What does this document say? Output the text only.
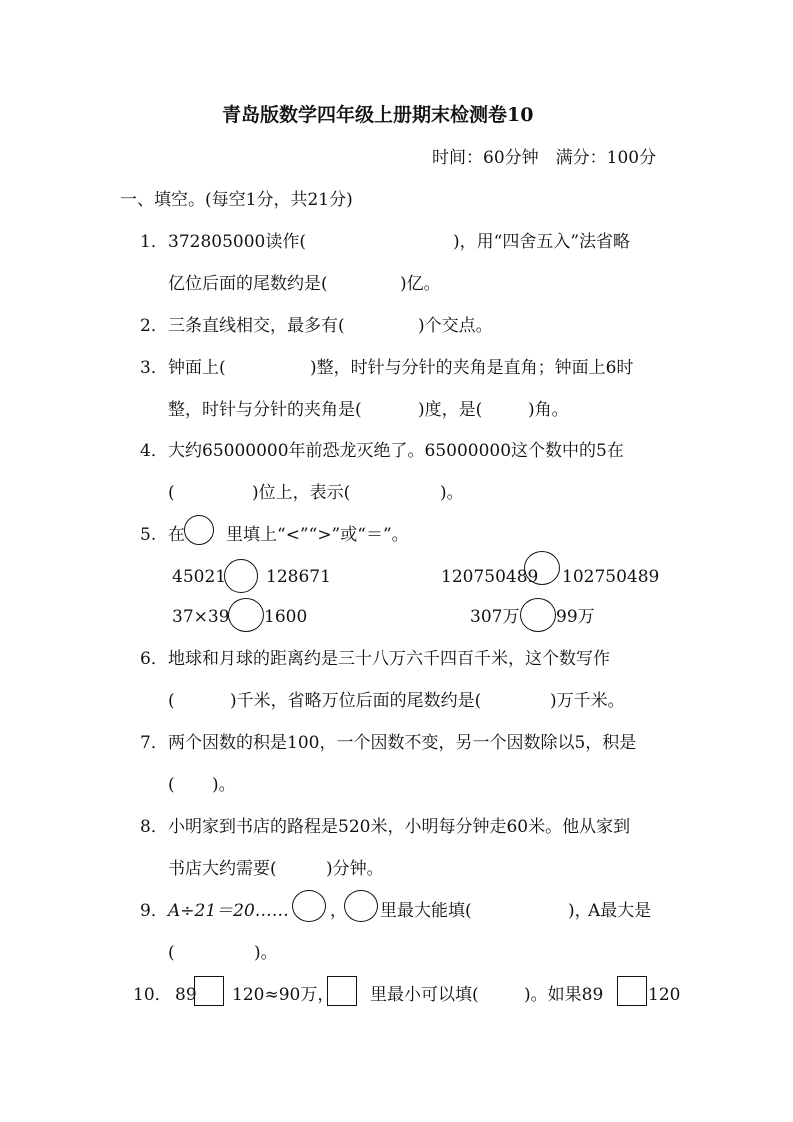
青岛版数学四年级上册期末检测卷10
时间：60分钟　满分：100分
一、填空。(每空1分，共21分)
1． 372805000读作(	)，用“四舍五入”法省略
亿位后面的尾数约是(	)亿。
2． 三条直线相交，最多有(	)个交点。
3． 钟面上(	)整，时针与分针的夹角是直角；钟面上6时
整，时针与分针的夹角是(	)度，是(	)角。
4． 大约65000000年前恐龙灭绝了。65000000这个数中的5在
(	)位上，表示(	)。
5. 在 里填上“<”“>”或“＝”。
45021 128671	120750489 102750489
37×39 1600	307万 99万
6． 地球和月球的距离约是三十八万六千四百千米，这个数写作
(	)千米，省略万位后面的尾数约是(	)万千米。
7． 两个因数的积是100，一个因数不变，另一个因数除以5，积是
( )。
8． 小明家到书店的路程是520米，小明每分钟走60米。他从家到
书店大约需要(	)分钟。
9． A÷21＝20…… ， 里最大能填(	)，
A最大是
(	)。
10． 89 120≈90万， 里最小可以填(	)。如果89	120
